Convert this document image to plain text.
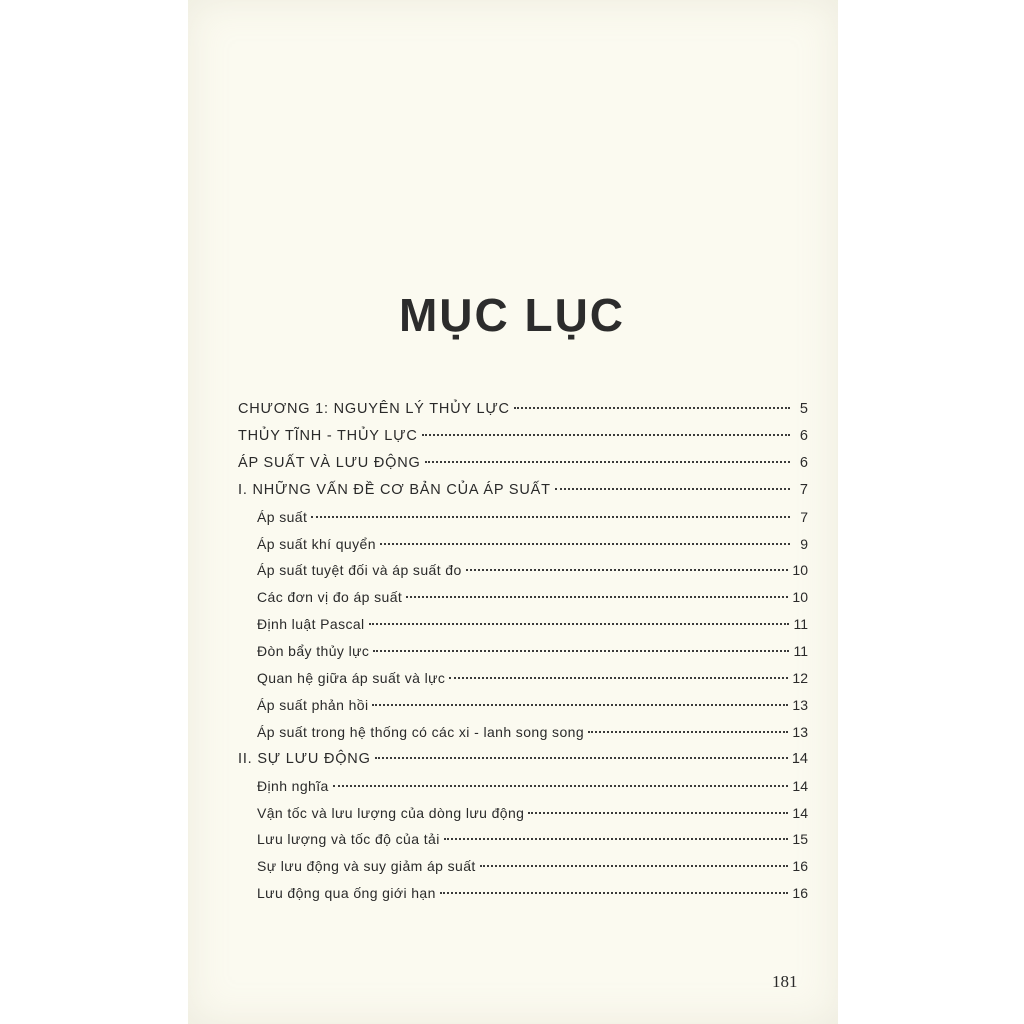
MỤC LỤC
CHƯƠNG 1: NGUYÊN LÝ THỦY LỰC	5
THỦY TĨNH - THỦY LỰC	6
ÁP SUẤT VÀ LƯU ĐỘNG	6
I. NHỮNG VẤN ĐỀ CƠ BẢN CỦA ÁP SUẤT	7
Áp suất	7
Áp suất khí quyển	9
Áp suất tuyệt đối và áp suất đo	10
Các đơn vị đo áp suất	10
Định luật Pascal	11
Đòn bẩy thủy lực	11
Quan hệ giữa áp suất và lực	12
Áp suất phản hồi	13
Áp suất trong hệ thống có các xi - lanh song song	13
II. SỰ LƯU ĐỘNG	14
Định nghĩa	14
Vận tốc và lưu lượng của dòng lưu động	14
Lưu lượng và tốc độ của tải	15
Sự lưu động và suy giảm áp suất	16
Lưu động qua ống giới hạn	16
181
